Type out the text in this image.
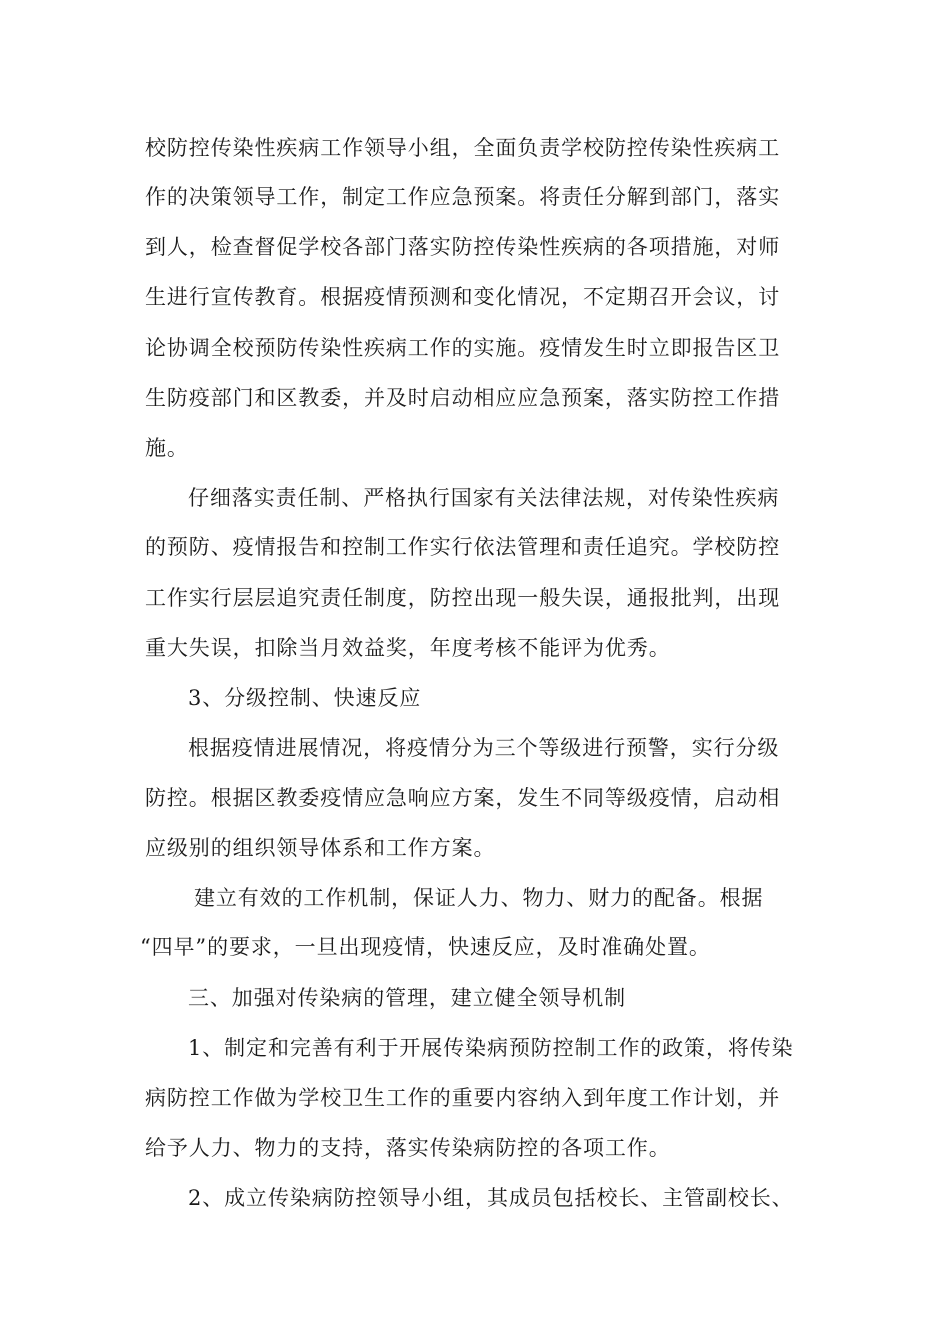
校防控传染性疾病工作领导小组，全面负责学校防控传染性疾病工
作的决策领导工作，制定工作应急预案。将责任分解到部门，落实
到人，检查督促学校各部门落实防控传染性疾病的各项措施，对师
生进行宣传教育。根据疫情预测和变化情况，不定期召开会议，讨
论协调全校预防传染性疾病工作的实施。疫情发生时立即报告区卫
生防疫部门和区教委，并及时启动相应应急预案，落实防控工作措
施。
仔细落实责任制、严格执行国家有关法律法规，对传染性疾病
的预防、疫情报告和控制工作实行依法管理和责任追究。学校防控
工作实行层层追究责任制度，防控出现一般失误，通报批判，出现
重大失误，扣除当月效益奖，年度考核不能评为优秀。
3、分级控制、快速反应
根据疫情进展情况，将疫情分为三个等级进行预警，实行分级
防控。根据区教委疫情应急响应方案，发生不同等级疫情，启动相
应级别的组织领导体系和工作方案。
建立有效的工作机制，保证人力、物力、财力的配备。根据
“四早”的要求，一旦出现疫情，快速反应，及时准确处置。
三、加强对传染病的管理，建立健全领导机制
1、制定和完善有利于开展传染病预防控制工作的政策，将传染
病防控工作做为学校卫生工作的重要内容纳入到年度工作计划，并
给予人力、物力的支持，落实传染病防控的各项工作。
2、成立传染病防控领导小组，其成员包括校长、主管副校长、
